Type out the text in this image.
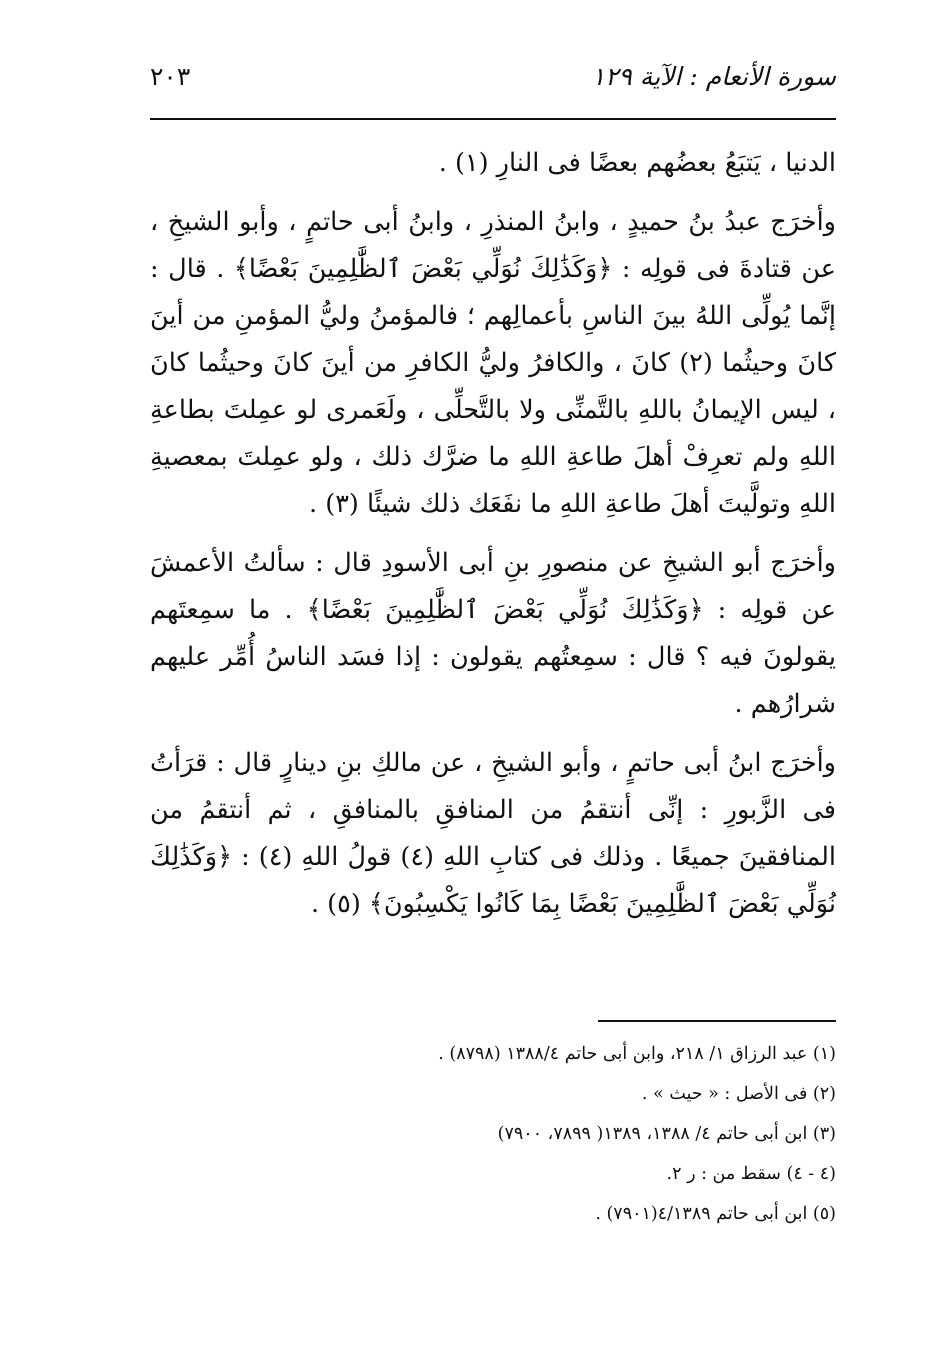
سورة الأنعام : الآية ١٢٩
٢٠٣

الدنيا ، يَتبَعُ بعضُهم بعضًا فى النارِ (١) .

وأخرَج عبدُ بنُ حميدٍ ، وابنُ المنذرِ ، وابنُ أبى حاتمٍ ، وأبو الشيخِ ، عن قتادةَ فى قولِه : ﴿وَكَذَٰلِكَ نُوَلِّي بَعْضَ ٱلظَّٰلِمِينَ بَعْضًا﴾ . قال : إنَّما يُولِّى اللهُ بينَ الناسِ بأعمالِهم ؛ فالمؤمنُ وليُّ المؤمنِ من أينَ كانَ وحيثُما (٢) كانَ ، والكافرُ وليُّ الكافرِ من أينَ كانَ وحيثُما كانَ ، ليس الإيمانُ باللهِ بالتَّمنِّى ولا بالتَّحلِّى ، ولَعَمرى لو عمِلتَ بطاعةِ اللهِ ولم تعرِفْ أهلَ طاعةِ اللهِ ما ضرَّك ذلك ، ولو عمِلتَ بمعصيةِ اللهِ وتولَّيتَ أهلَ طاعةِ اللهِ ما نفَعَك ذلك شيئًا (٣) .

وأخرَج أبو الشيخِ عن منصورِ بنِ أبى الأسودِ قال : سألتُ الأعمشَ عن قولِه : ﴿وَكَذَٰلِكَ نُوَلِّي بَعْضَ ٱلظَّٰلِمِينَ بَعْضًا﴾ . ما سمِعتَهم يقولونَ فيه ؟ قال : سمِعتُهم يقولون : إذا فسَد الناسُ أُمِّر عليهم شرارُهم .

وأخرَج ابنُ أبى حاتمٍ ، وأبو الشيخِ ، عن مالكِ بنِ دينارٍ قال : قرَأتُ فى الزَّبورِ : إنِّى أنتقمُ من المنافقِ بالمنافقِ ، ثم أنتقمُ من المنافقينَ جميعًا . وذلك فى كتابِ اللهِ (٤) قولُ اللهِ (٤) : ﴿وَكَذَٰلِكَ نُوَلِّي بَعْضَ ٱلظَّٰلِمِينَ بَعْضًا بِمَا كَانُوا يَكْسِبُونَ﴾ (٥) .

(١) عبد الرزاق ١/ ٢١٨، وابن أبى حاتم ١٣٨٨/٤ (٨٧٩٨) .

(٢) فى الأصل : « حيث » .

(٣) ابن أبى حاتم ٤/ ١٣٨٨، ١٣٨٩( ٧٨٩٩، ٧٩٠٠)

(٤ - ٤) سقط من : ر ٢.

(٥) ابن أبى حاتم ٤/١٣٨٩(٧٩٠١) .
